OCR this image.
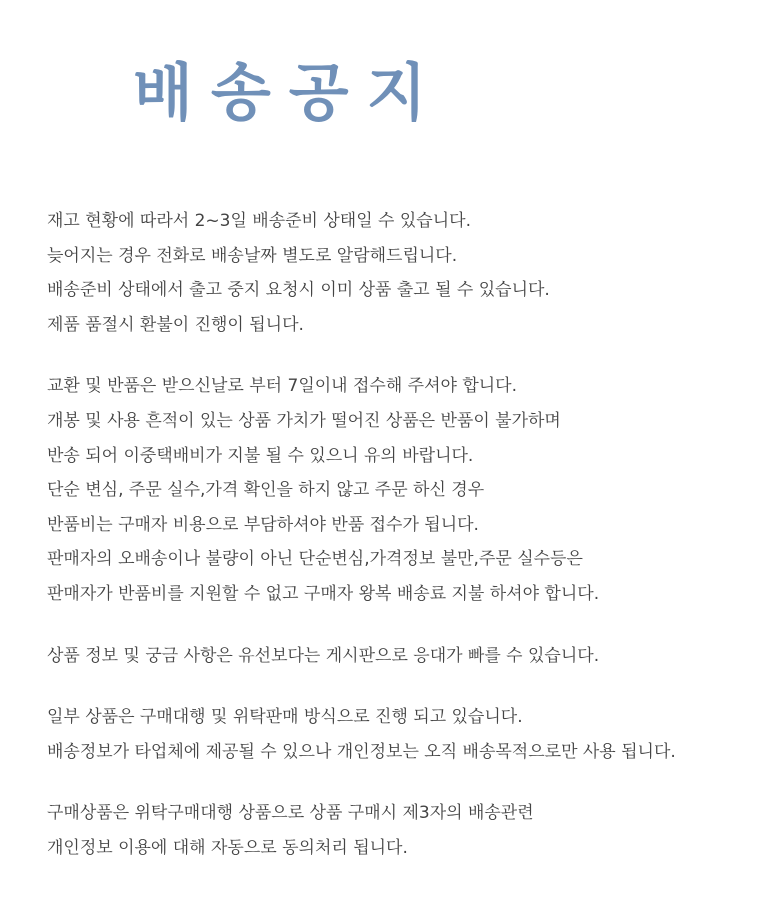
배송공지
재고 현황에 따라서 2~3일 배송준비 상태일 수 있습니다.
늦어지는 경우 전화로 배송날짜 별도로 알람해드립니다.
배송준비 상태에서 출고 중지 요청시 이미 상품 출고 될 수 있습니다.
제품 품절시 환불이 진행이 됩니다.
교환 및 반품은 받으신날로 부터 7일이내 접수해 주셔야 합니다.
개봉 및 사용 흔적이 있는 상품 가치가 떨어진 상품은 반품이 불가하며
반송 되어 이중택배비가 지불 될 수 있으니 유의 바랍니다.
단순 변심, 주문 실수,가격 확인을 하지 않고 주문 하신 경우
반품비는 구매자 비용으로 부담하셔야 반품 접수가 됩니다.
판매자의 오배송이나 불량이 아닌 단순변심,가격정보 불만,주문 실수등은
판매자가 반품비를 지원할 수 없고 구매자 왕복 배송료 지불 하셔야 합니다.
상품 정보 및 궁금 사항은 유선보다는 게시판으로 응대가 빠를 수 있습니다.
일부 상품은 구매대행 및 위탁판매 방식으로 진행 되고 있습니다.
배송정보가 타업체에 제공될 수 있으나 개인정보는 오직 배송목적으로만 사용 됩니다.
구매상품은 위탁구매대행 상품으로 상품 구매시 제3자의 배송관련
개인정보 이용에 대해 자동으로 동의처리 됩니다.
